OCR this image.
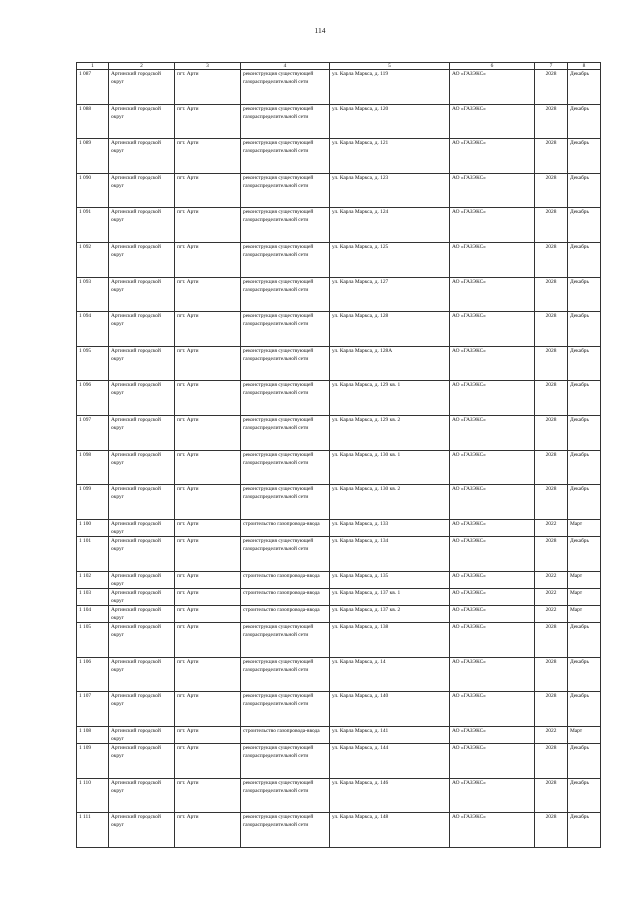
114
1	2	3	4	5	6	7	8
1 087	Артинский городской округ	пгт. Арти	реконструкция существующей газораспределительной сети	ул. Карла Маркса, д. 119	АО «ГАЗЭКС»	2028	Декабрь
1 088	Артинский городской округ	пгт. Арти	реконструкция существующей газораспределительной сети	ул. Карла Маркса, д. 120	АО «ГАЗЭКС»	2028	Декабрь
1 089	Артинский городской округ	пгт. Арти	реконструкция существующей газораспределительной сети	ул. Карла Маркса, д. 121	АО «ГАЗЭКС»	2028	Декабрь
1 090	Артинский городской округ	пгт. Арти	реконструкция существующей газораспределительной сети	ул. Карла Маркса, д. 123	АО «ГАЗЭКС»	2028	Декабрь
1 091	Артинский городской округ	пгт. Арти	реконструкция существующей газораспределительной сети	ул. Карла Маркса, д. 124	АО «ГАЗЭКС»	2028	Декабрь
1 092	Артинский городской округ	пгт. Арти	реконструкция существующей газораспределительной сети	ул. Карла Маркса, д. 125	АО «ГАЗЭКС»	2028	Декабрь
1 093	Артинский городской округ	пгт. Арти	реконструкция существующей газораспределительной сети	ул. Карла Маркса, д. 127	АО «ГАЗЭКС»	2028	Декабрь
1 094	Артинский городской округ	пгт. Арти	реконструкция существующей газораспределительной сети	ул. Карла Маркса, д. 128	АО «ГАЗЭКС»	2028	Декабрь
1 095	Артинский городской округ	пгт. Арти	реконструкция существующей газораспределительной сети	ул. Карла Маркса, д. 128А	АО «ГАЗЭКС»	2028	Декабрь
1 096	Артинский городской округ	пгт. Арти	реконструкция существующей газораспределительной сети	ул. Карла Маркса, д. 129 кв. 1	АО «ГАЗЭКС»	2028	Декабрь
1 097	Артинский городской округ	пгт. Арти	реконструкция существующей газораспределительной сети	ул. Карла Маркса, д. 129 кв. 2	АО «ГАЗЭКС»	2028	Декабрь
1 098	Артинский городской округ	пгт. Арти	реконструкция существующей газораспределительной сети	ул. Карла Маркса, д. 130 кв. 1	АО «ГАЗЭКС»	2028	Декабрь
1 099	Артинский городской округ	пгт. Арти	реконструкция существующей газораспределительной сети	ул. Карла Маркса, д. 130 кв. 2	АО «ГАЗЭКС»	2028	Декабрь
1 100	Артинский городской округ	пгт. Арти	строительство газопровода-ввода	ул. Карла Маркса, д. 133	АО «ГАЗЭКС»	2022	Март
1 101	Артинский городской округ	пгт. Арти	реконструкция существующей газораспределительной сети	ул. Карла Маркса, д. 134	АО «ГАЗЭКС»	2028	Декабрь
1 102	Артинский городской округ	пгт. Арти	строительство газопровода-ввода	ул. Карла Маркса, д. 135	АО «ГАЗЭКС»	2022	Март
1 103	Артинский городской округ	пгт. Арти	строительство газопровода-ввода	ул. Карла Маркса, д. 137 кв. 1	АО «ГАЗЭКС»	2022	Март
1 104	Артинский городской округ	пгт. Арти	строительство газопровода-ввода	ул. Карла Маркса, д. 137 кв. 2	АО «ГАЗЭКС»	2022	Март
1 105	Артинский городской округ	пгт. Арти	реконструкция существующей газораспределительной сети	ул. Карла Маркса, д. 138	АО «ГАЗЭКС»	2028	Декабрь
1 106	Артинский городской округ	пгт. Арти	реконструкция существующей газораспределительной сети	ул. Карла Маркса, д. 14	АО «ГАЗЭКС»	2028	Декабрь
1 107	Артинский городской округ	пгт. Арти	реконструкция существующей газораспределительной сети	ул. Карла Маркса, д. 140	АО «ГАЗЭКС»	2028	Декабрь
1 108	Артинский городской округ	пгт. Арти	строительство газопровода-ввода	ул. Карла Маркса, д. 141	АО «ГАЗЭКС»	2022	Март
1 109	Артинский городской округ	пгт. Арти	реконструкция существующей газораспределительной сети	ул. Карла Маркса, д. 144	АО «ГАЗЭКС»	2028	Декабрь
1 110	Артинский городской округ	пгт. Арти	реконструкция существующей газораспределительной сети	ул. Карла Маркса, д. 146	АО «ГАЗЭКС»	2028	Декабрь
1 111	Артинский городской округ	пгт. Арти	реконструкция существующей газораспределительной сети	ул. Карла Маркса, д. 148	АО «ГАЗЭКС»	2028	Декабрь
